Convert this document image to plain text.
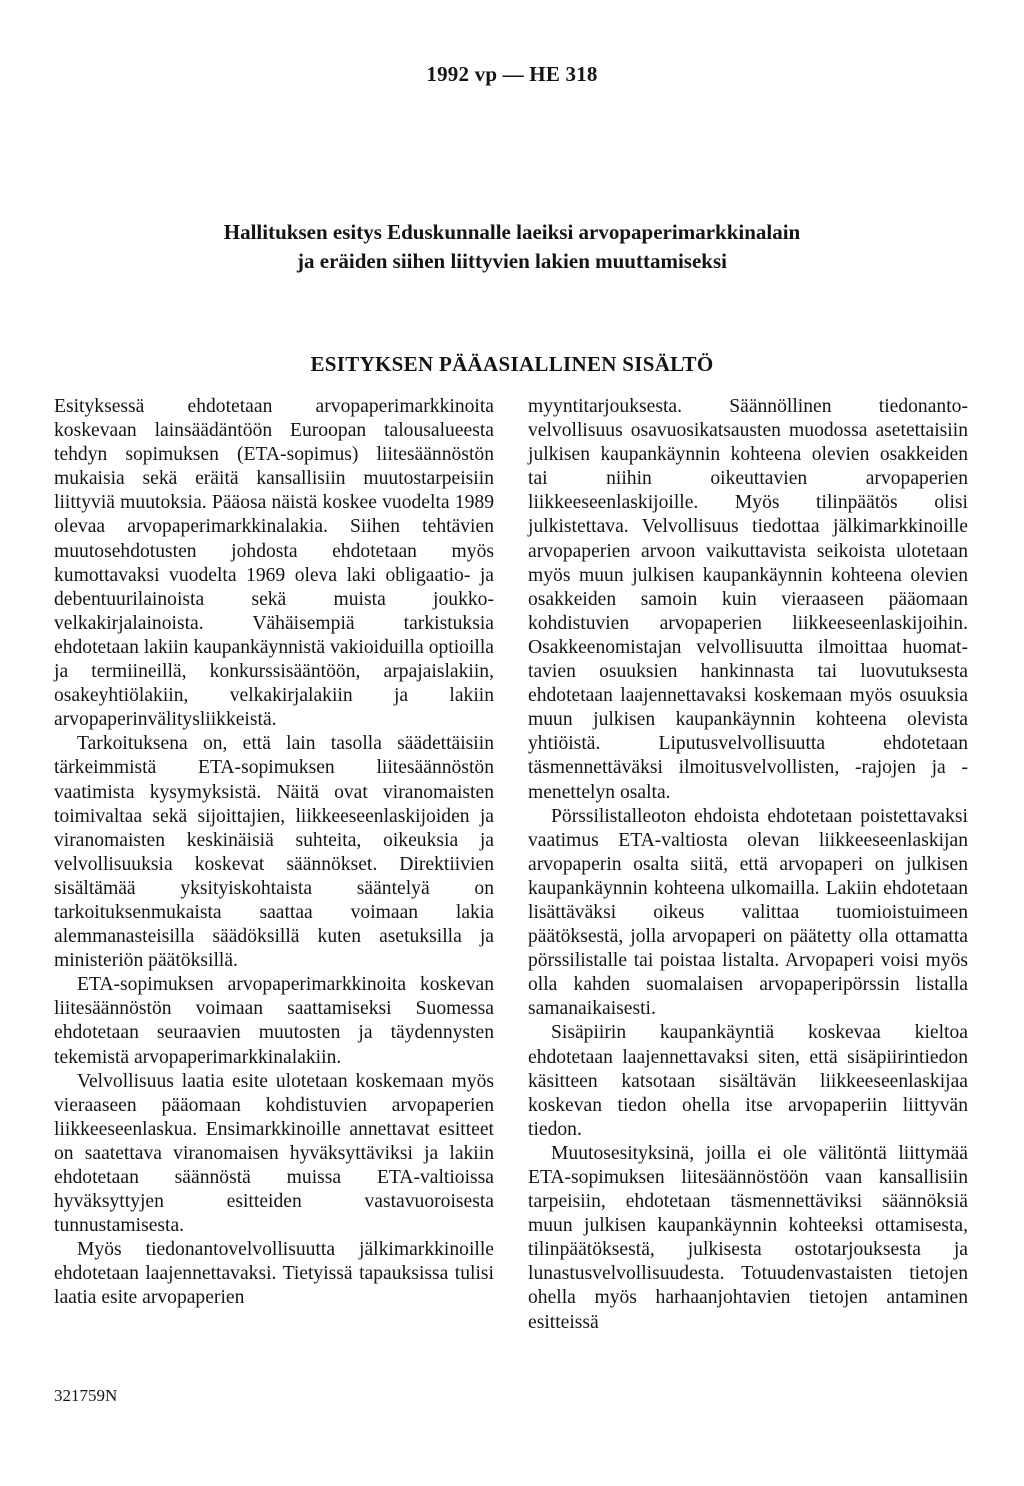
1992 vp — HE 318
Hallituksen esitys Eduskunnalle laeiksi arvopaperimarkkinalain
ja eräiden siihen liittyvien lakien muuttamiseksi
ESITYKSEN PÄÄASIALLINEN SISÄLTÖ

Esityksessä ehdotetaan arvopaperimarkkinoita koskevaan lainsäädäntöön Euroopan talousalueesta tehdyn sopimuksen (ETA-sopimus) liitesäännöstön mukaisia sekä eräitä kansallisiin muutostarpeisiin liittyviä muutoksia. Pääosa näistä koskee vuodelta 1989 olevaa arvopaperimarkkinalakia. Siihen tehtävien muutosehdotusten johdosta ehdotetaan myös kumottavaksi vuodelta 1969 oleva laki obligaatio- ja debentuurilainoista sekä muista joukkovelkakirjalainoista. Vähäisempiä tarkistuksia ehdotetaan lakiin kaupankäynnistä vakioiduilla optioilla ja termiineillä, konkurssisääntöön, arpajaislakiin, osakeyhtiölakiin, velkakirjalakiin ja lakiin arvopaperinvälitysliikkeistä.

Tarkoituksena on, että lain tasolla säädettäisiin tärkeimmistä ETA-sopimuksen liitesäännöstön vaatimista kysymyksistä. Näitä ovat viranomaisten toimivaltaa sekä sijoittajien, liikkeeseenlaskijoiden ja viranomaisten keskinäisiä suhteita, oikeuksia ja velvollisuuksia koskevat säännökset. Direktiivien sisältämää yksityiskohtaista sääntelyä on tarkoituksenmukaista saattaa voimaan lakia alemmanasteisilla säädöksillä kuten asetuksilla ja ministeriön päätöksillä.

ETA-sopimuksen arvopaperimarkkinoita koskevan liitesäännöstön voimaan saattamiseksi Suomessa ehdotetaan seuraavien muutosten ja täydennysten tekemistä arvopaperimarkkinalakiin.

Velvollisuus laatia esite ulotetaan koskemaan myös vieraaseen pääomaan kohdistuvien arvopaperien liikkeeseenlaskua. Ensimarkkinoille annettavat esitteet on saatettava viranomaisen hyväksyttäviksi ja lakiin ehdotetaan säännöstä muissa ETA-valtioissa hyväksyttyjen esitteiden vastavuoroisesta tunnustamisesta.

Myös tiedonantovelvollisuutta jälkimarkkinoille ehdotetaan laajennettavaksi. Tietyissä tapauksissa tulisi laatia esite arvopaperien

myyntitarjouksesta. Säännöllinen tiedonantovelvollisuus osavuosikatsausten muodossa asetettaisiin julkisen kaupankäynnin kohteena olevien osakkeiden tai niihin oikeuttavien arvopaperien liikkeeseenlaskijoille. Myös tilinpäätös olisi julkistettava. Velvollisuus tiedottaa jälkimarkkinoille arvopaperien arvoon vaikuttavista seikoista ulotetaan myös muun julkisen kaupankäynnin kohteena olevien osakkeiden samoin kuin vieraaseen pääomaan kohdistuvien arvopaperien liikkeeseenlaskijoihin. Osakkeenomistajan velvollisuutta ilmoittaa huomattavien osuuksien hankinnasta tai luovutuksesta ehdotetaan laajennettavaksi koskemaan myös osuuksia muun julkisen kaupankäynnin kohteena olevista yhtiöistä. Liputusvelvollisuutta ehdotetaan täsmennettäväksi ilmoitusvelvollisten, -rajojen ja -menettelyn osalta.

Pörssilistalleoton ehdoista ehdotetaan poistettavaksi vaatimus ETA-valtiosta olevan liikkeeseenlaskijan arvopaperin osalta siitä, että arvopaperi on julkisen kaupankäynnin kohteena ulkomailla. Lakiin ehdotetaan lisättäväksi oikeus valittaa tuomioistuimeen päätöksestä, jolla arvopaperi on päätetty olla ottamatta pörssilistalle tai poistaa listalta. Arvopaperi voisi myös olla kahden suomalaisen arvopaperipörssin listalla samanaikaisesti.

Sisäpiirin kaupankäyntiä koskevaa kieltoa ehdotetaan laajennettavaksi siten, että sisäpiirintiedon käsitteen katsotaan sisältävän liikkeeseenlaskijaa koskevan tiedon ohella itse arvopaperiin liittyvän tiedon.

Muutosesityksinä, joilla ei ole välitöntä liittymää ETA-sopimuksen liitesäännöstöön vaan kansallisiin tarpeisiin, ehdotetaan täsmennettäviksi säännöksiä muun julkisen kaupankäynnin kohteeksi ottamisesta, tilinpäätöksestä, julkisesta ostotarjouksesta ja lunastusvelvollisuudesta. Totuudenvastaisten tietojen ohella myös harhaanjohtavien tietojen antaminen esitteissä

321759N
